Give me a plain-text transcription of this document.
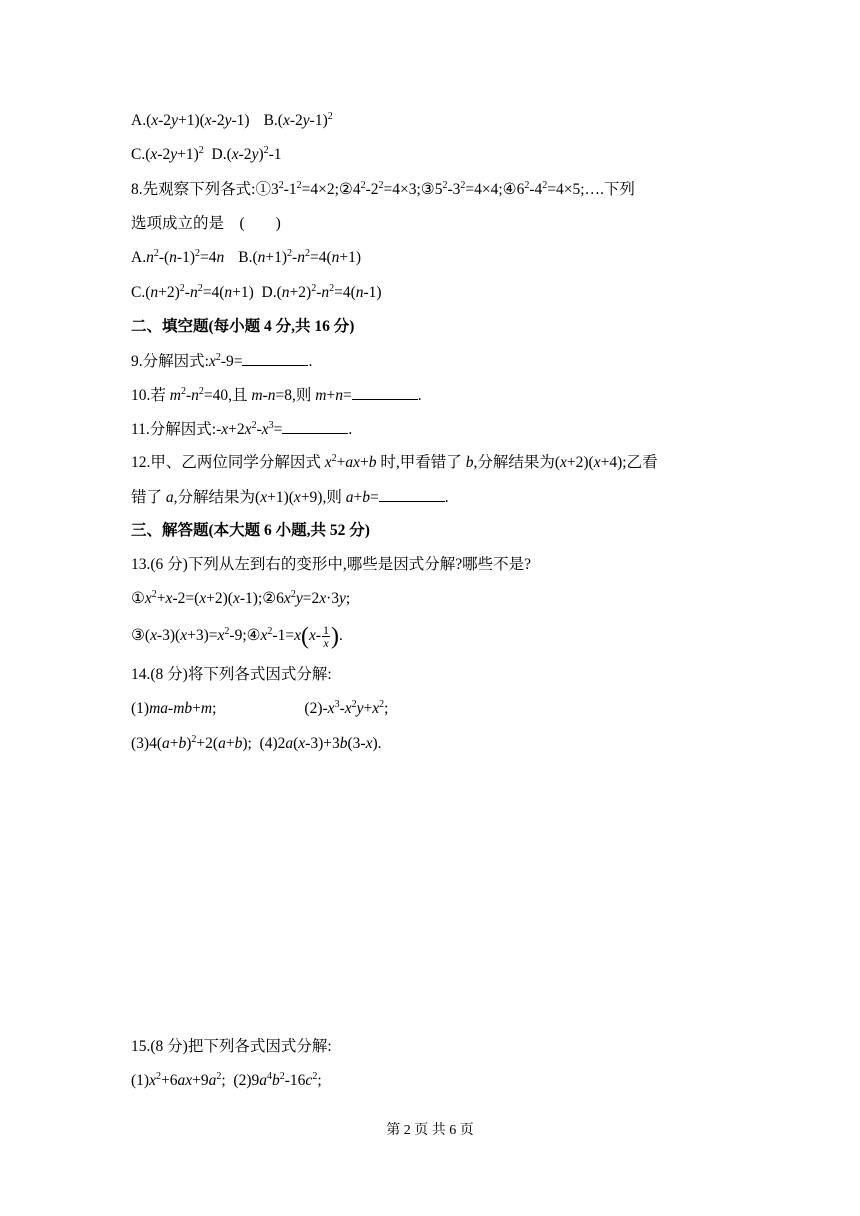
A.(x-2y+1)(x-2y-1) $B.(x-2y-1)^2$
$C.(x-2y+1)^2$ $D.(x-2y)^2-1$
8.先观察下列各式$:①3^2-1^2=4\times 2;②4^2-2^2=4\times 3;③5^2-3^2=4\times 4;④6^2-4^2=4\times 5;\dots$.下列
选项成立的是　(　　)
$A.n^2-(n-1)^2=4n$ $B.(n+1)^2-n^2=4(n+1)$
$C.(n+2)^2-n^2=4(n+1)$  $D.(n+2)^2-n^2=4(n-1)$
二、填空题(每小题 4 分,共 16 分)
9.分解因式$:x^2-9=$	.
10.若 $m^2-n^2=40$,且 m-n=8,则 m+n=	.
11.分解因式$:-x+2x^2-x^3=$	.
12.甲、乙两位同学分解因式 $x^2+ax+b$ 时,甲看错了 b,分解结果为(x+2)(x+4);乙看
错了 a,分解结果为(x+1)(x+9),则 a+b=	.
三、解答题(本大题 6 小题,共 52 分)
13.(6 分)下列从左到右的变形中,哪些是因式分解?哪些不是?
$①x^2+x-2=(x+2)(x-1);②6x^2y=2x\cdot 3y$;
$③(x-3)(x+3)=x^2-9;④x^2-1=x(x- \frac{1}{x}$ ).
14.(8 分)将下列各式因式分解:
(1)ma-mb+m;	$(2)-x^3-x^2y+x^2$;
$(3)4(a+b)^2+2(a+b)$;  (4)2a(x-3)+3b(3-x).
15.(8 分)把下列各式因式分解:
$(1)x^2+6ax+9a^2$;  $(2)9a^4b^2-16c^2$;
第 2 页 共 6 页
